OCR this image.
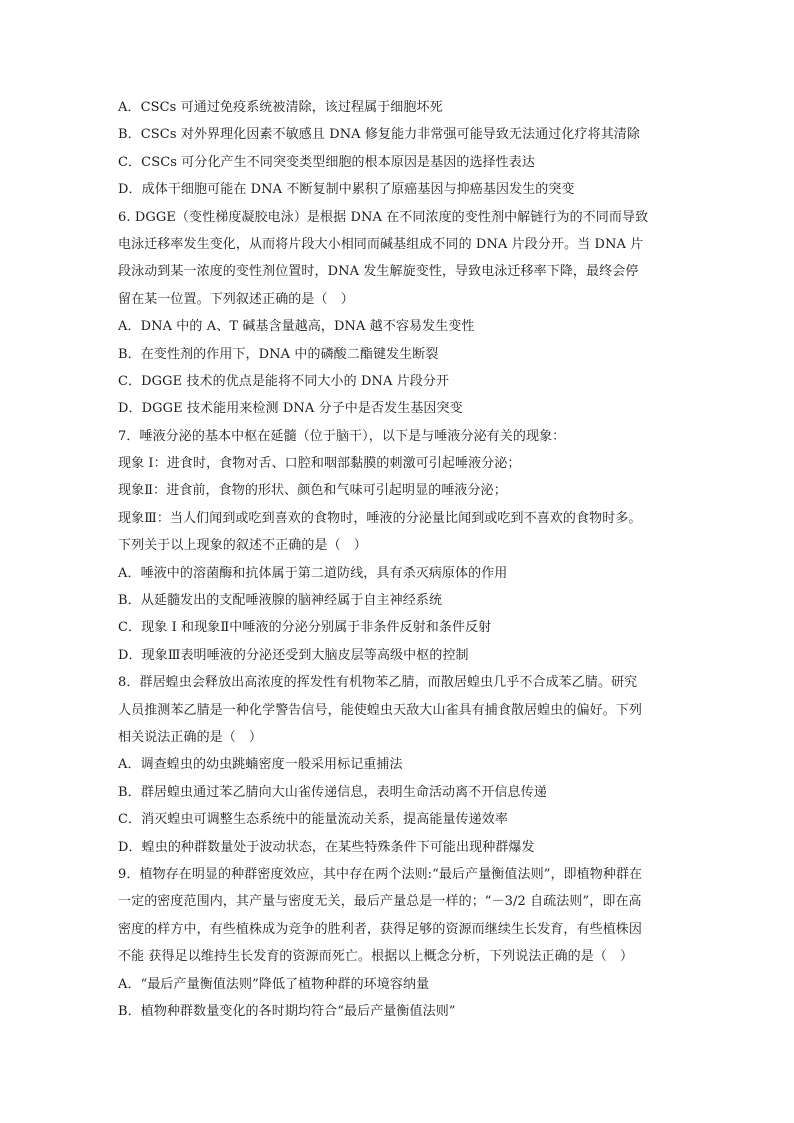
A．CSCs 可通过免疫系统被清除，该过程属于细胞坏死
B．CSCs 对外界理化因素不敏感且 DNA 修复能力非常强可能导致无法通过化疗将其清除
C．CSCs 可分化产生不同突变类型细胞的根本原因是基因的选择性表达
D．成体干细胞可能在 DNA 不断复制中累积了原癌基因与抑癌基因发生的突变
6. DGGE（变性梯度凝胶电泳）是根据 DNA 在不同浓度的变性剂中解链行为的不同而导致
电泳迁移率发生变化，从而将片段大小相同而碱基组成不同的 DNA 片段分开。当 DNA 片
段泳动到某一浓度的变性剂位置时，DNA 发生解旋变性，导致电泳迁移率下降，最终会停
留在某一位置。下列叙述正确的是（　）
A．DNA 中的 A、T 碱基含量越高，DNA 越不容易发生变性
B．在变性剂的作用下，DNA 中的磷酸二酯键发生断裂
C．DGGE 技术的优点是能将不同大小的 DNA 片段分开
D．DGGE 技术能用来检测 DNA 分子中是否发生基因突变
7．唾液分泌的基本中枢在延髓（位于脑干），以下是与唾液分泌有关的现象：
现象 I：进食时，食物对舌、口腔和咽部黏膜的刺激可引起唾液分泌；
现象Ⅱ：进食前，食物的形状、颜色和气味可引起明显的唾液分泌；
现象Ⅲ：当人们闻到或吃到喜欢的食物时，唾液的分泌量比闻到或吃到不喜欢的食物时多。
下列关于以上现象的叙述不正确的是（　）
A．唾液中的溶菌酶和抗体属于第二道防线，具有杀灭病原体的作用
B．从延髓发出的支配唾液腺的脑神经属于自主神经系统
C．现象 I 和现象Ⅱ中唾液的分泌分别属于非条件反射和条件反射
D．现象Ⅲ表明唾液的分泌还受到大脑皮层等高级中枢的控制
8．群居蝗虫会释放出高浓度的挥发性有机物苯乙腈，而散居蝗虫几乎不合成苯乙腈。研究
人员推测苯乙腈是一种化学警告信号，能使蝗虫天敌大山雀具有捕食散居蝗虫的偏好。下列
相关说法正确的是（　）
A．调查蝗虫的幼虫跳蝻密度一般采用标记重捕法
B．群居蝗虫通过苯乙腈向大山雀传递信息，表明生命活动离不开信息传递
C．消灭蝗虫可调整生态系统中的能量流动关系，提高能量传递效率
D．蝗虫的种群数量处于波动状态，在某些特殊条件下可能出现种群爆发
9．植物存在明显的种群密度效应，其中存在两个法则:“最后产量衡值法则”，即植物种群在
一定的密度范围内，其产量与密度无关，最后产量总是一样的；“－3/2 自疏法则”，即在高
密度的样方中，有些植株成为竞争的胜利者，获得足够的资源而继续生长发育，有些植株因
不能 获得足以维持生长发育的资源而死亡。根据以上概念分析，下列说法正确的是（　）
A．“最后产量衡值法则”降低了植物种群的环境容纳量
B．植物种群数量变化的各时期均符合“最后产量衡值法则”
